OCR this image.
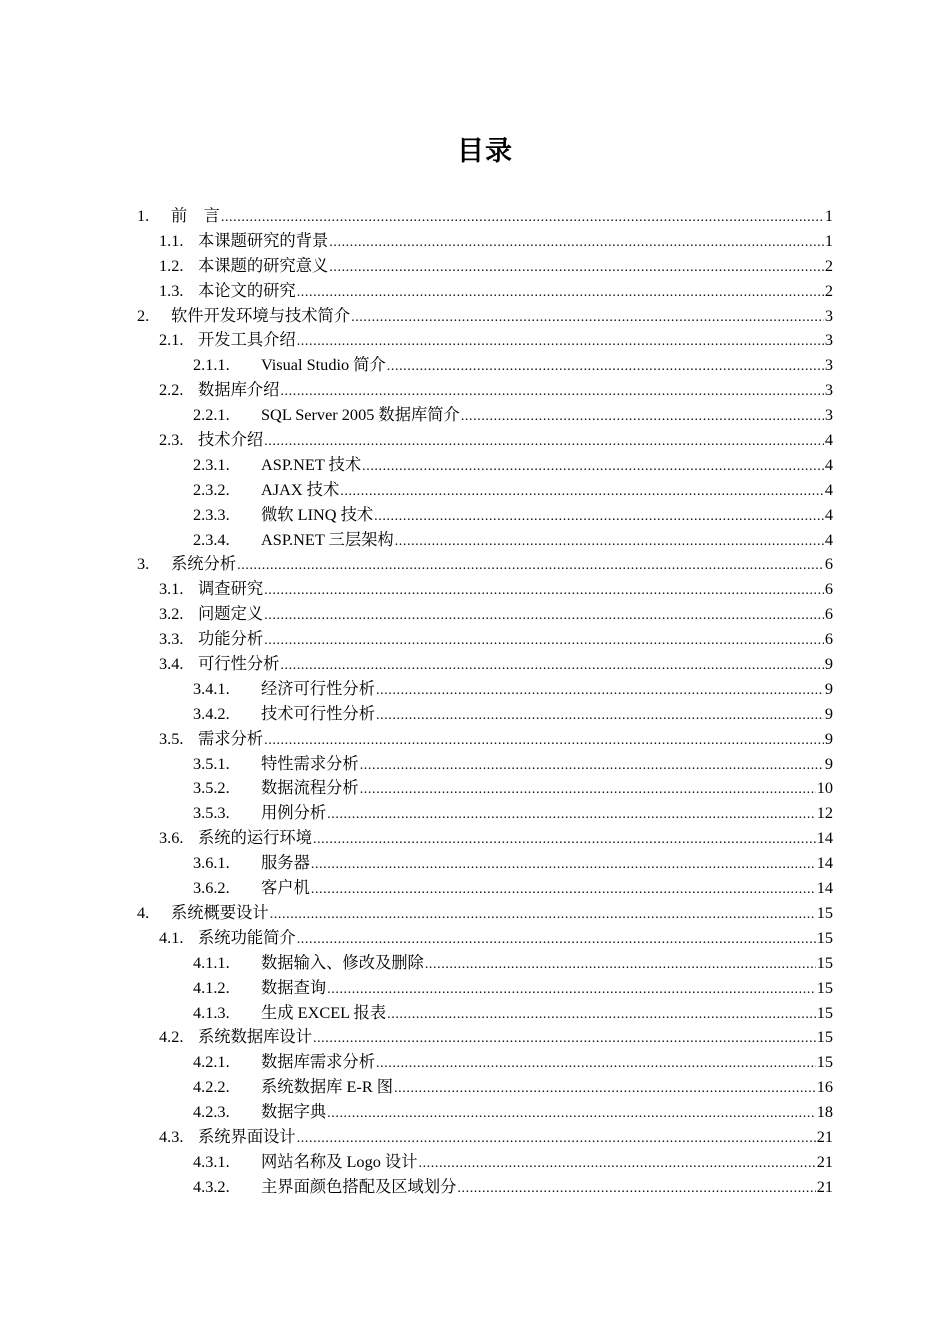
目录
1.	前　言 .....	1
1.1. 本课题研究的背景 .....	1
1.2. 本课题的研究意义 .....	2
1.3. 本论文的研究 .....	2
2.	软件开发环境与技术简介 .....	3
2.1. 开发工具介绍 .....	3
2.1.1.	Visual Studio 简介 .....	3
2.2. 数据库介绍 .....	3
2.2.1.	SQL Server 2005 数据库简介 .....	3
2.3. 技术介绍 .....	4
2.3.1.	ASP.NET 技术 .....	4
2.3.2.	AJAX 技术 .....	4
2.3.3.	微软 LINQ 技术 .....	4
2.3.4.	ASP.NET 三层架构 .....	4
3.	系统分析 .....	6
3.1. 调查研究 .....	6
3.2. 问题定义 .....	6
3.3. 功能分析 .....	6
3.4. 可行性分析 .....	9
3.4.1.	经济可行性分析 .....	9
3.4.2.	技术可行性分析 .....	9
3.5. 需求分析 .....	9
3.5.1.	特性需求分析 .....	9
3.5.2.	数据流程分析 .....	10
3.5.3.	用例分析 .....	12
3.6. 系统的运行环境 .....	14
3.6.1.	服务器 .....	14
3.6.2.	客户机 .....	14
4.	系统概要设计 .....	15
4.1. 系统功能简介 .....	15
4.1.1.	数据输入、修改及删除 .....	15
4.1.2.	数据查询 .....	15
4.1.3.	生成 EXCEL 报表 .....	15
4.2. 系统数据库设计 .....	15
4.2.1.	数据库需求分析 .....	15
4.2.2.	系统数据库 E-R 图 .....	16
4.2.3.	数据字典 .....	18
4.3. 系统界面设计 .....	21
4.3.1.	网站名称及 Logo 设计 .....	21
4.3.2.	主界面颜色搭配及区域划分 .....	21
